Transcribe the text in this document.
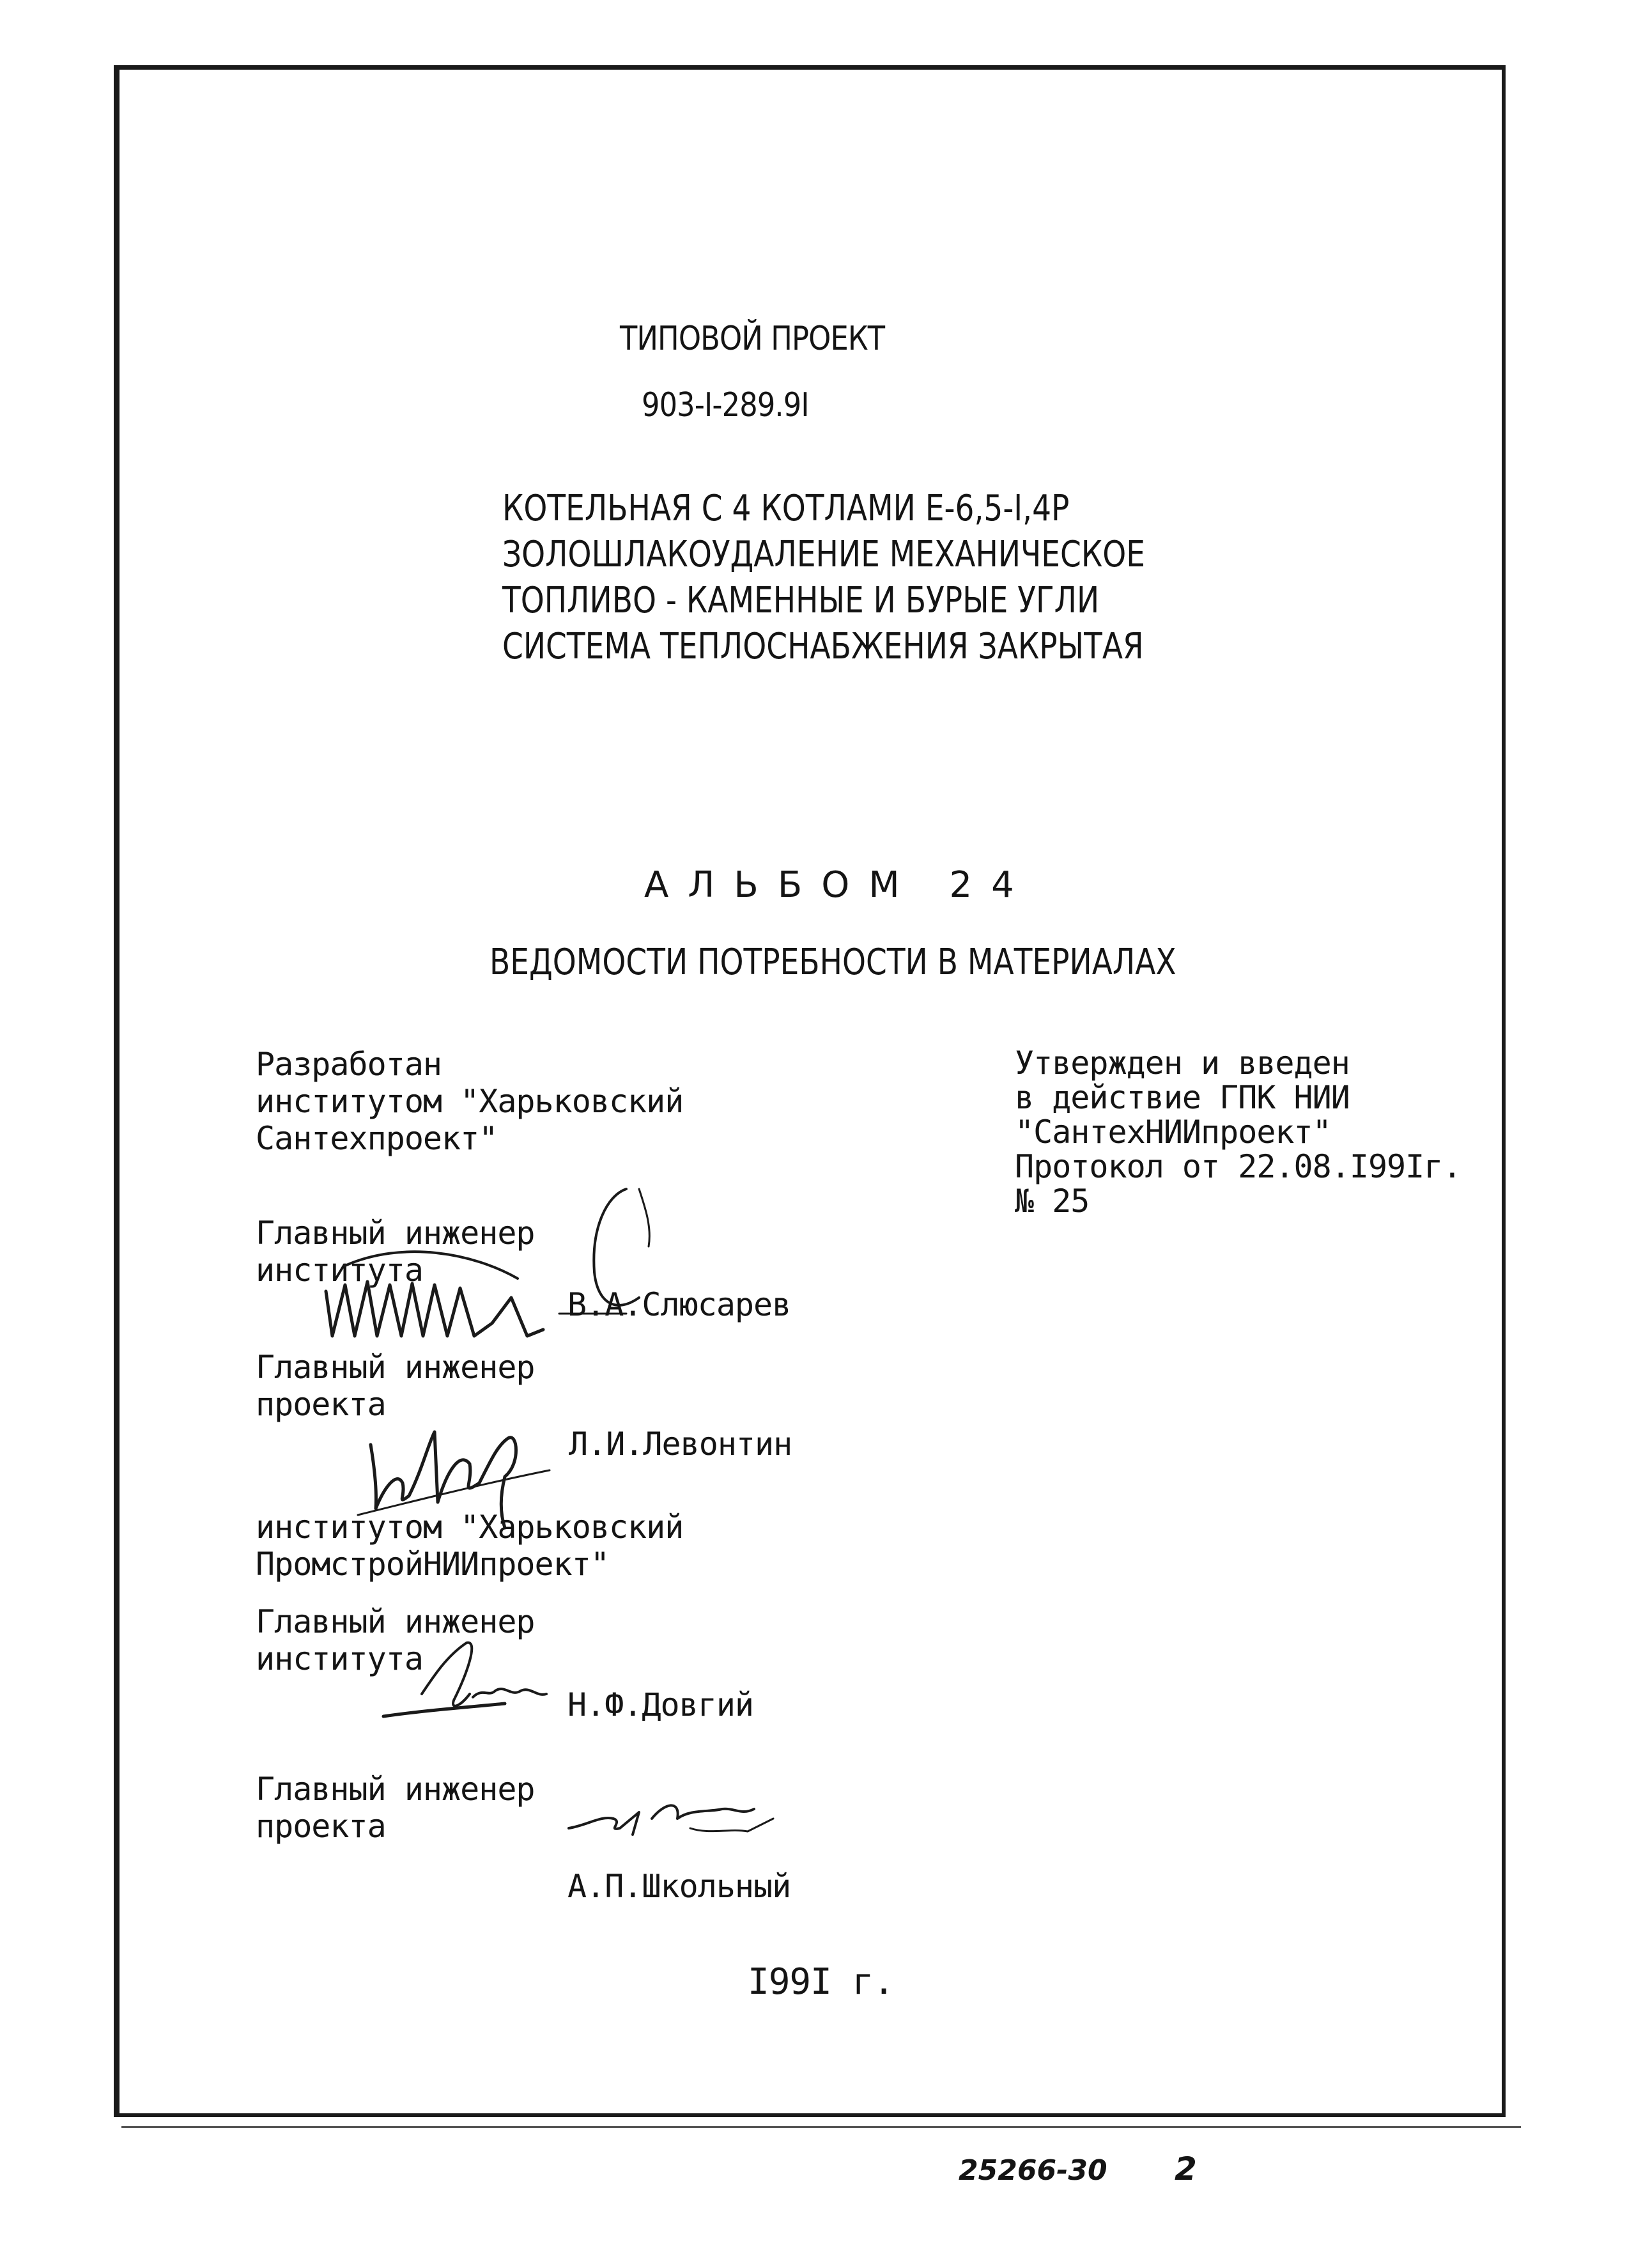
ТИПОВОЙ ПРОЕКТ

903-I-289.9I

КОТЕЛЬНАЯ С 4 КОТЛАМИ Е-6,5-I,4Р
ЗОЛОШЛАКОУДАЛЕНИЕ МЕХАНИЧЕСКОЕ
ТОПЛИВО - КАМЕННЫЕ И БУРЫЕ УГЛИ
СИСТЕМА ТЕПЛОСНАБЖЕНИЯ ЗАКРЫТАЯ

АЛЬБОМ 24

ВЕДОМОСТИ ПОТРЕБНОСТИ В МАТЕРИАЛАХ

Разработан
институтом "Харьковский
Сантехпроект"
Утвержден и введен
в действие ГПК НИИ
"СантехНИИпроект"
Протокол от 22.08.I99Iг.
№ 25
Главный инженер
института

В.А.Слюсарев

Главный инженер
проекта

Л.И.Левонтин

институтом "Харьковский
ПромстройНИИпроект"
Главный инженер
института

Н.Ф.Довгий

Главный инженер
проекта

А.П.Школьный

I99I г.

25266-30 2
